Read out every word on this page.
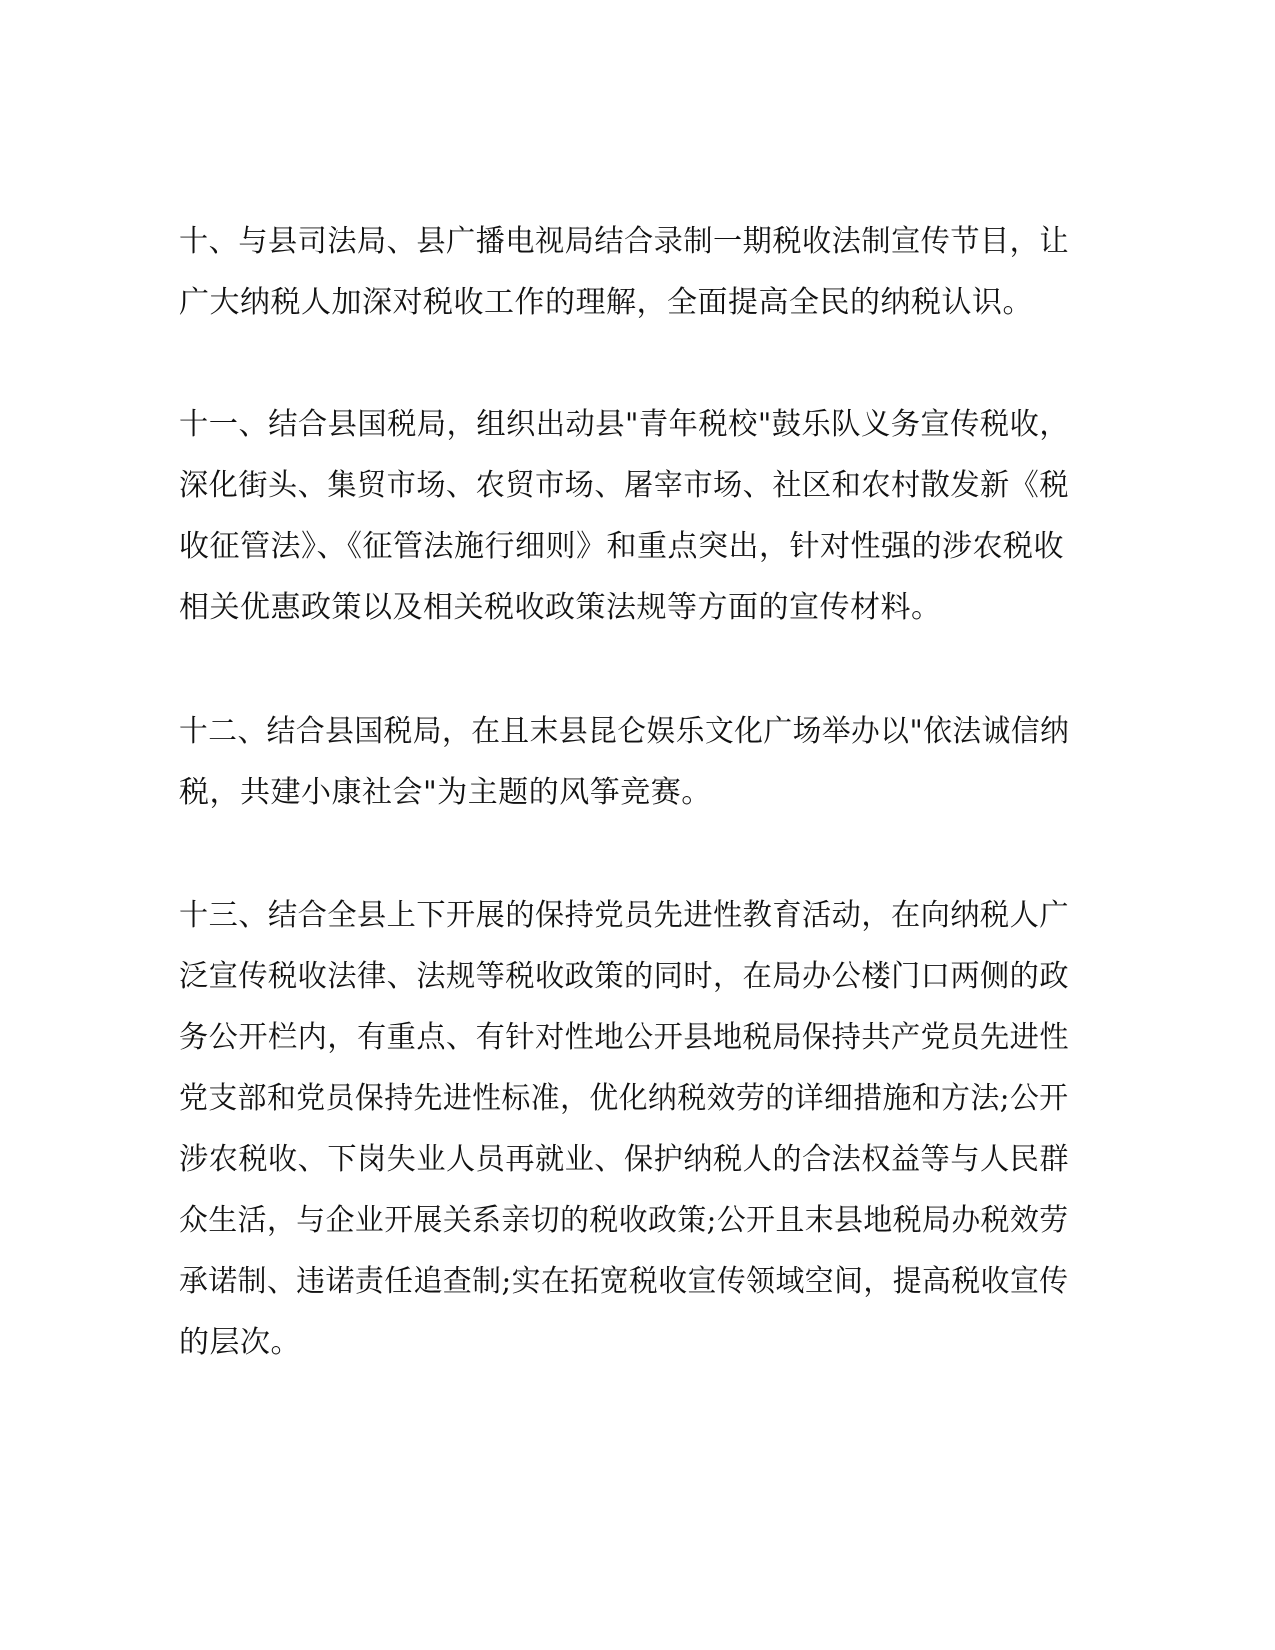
十、与县司法局、县广播电视局结合录制一期税收法制宣传节目，让
广大纳税人加深对税收工作的理解，全面提高全民的纳税认识。
十一、结合县国税局，组织出动县"青年税校"鼓乐队义务宣传税收，
深化街头、集贸市场、农贸市场、屠宰市场、社区和农村散发新《税
收征管法》、《征管法施行细则》和重点突出，针对性强的涉农税收
相关优惠政策以及相关税收政策法规等方面的宣传材料。
十二、结合县国税局，在且末县昆仑娱乐文化广场举办以"依法诚信纳
税，共建小康社会"为主题的风筝竞赛。
十三、结合全县上下开展的保持党员先进性教育活动，在向纳税人广
泛宣传税收法律、法规等税收政策的同时，在局办公楼门口两侧的政
务公开栏内，有重点、有针对性地公开县地税局保持共产党员先进性
党支部和党员保持先进性标准，优化纳税效劳的详细措施和方法;公开
涉农税收、下岗失业人员再就业、保护纳税人的合法权益等与人民群
众生活，与企业开展关系亲切的税收政策;公开且末县地税局办税效劳
承诺制、违诺责任追查制;实在拓宽税收宣传领域空间，提高税收宣传
的层次。
